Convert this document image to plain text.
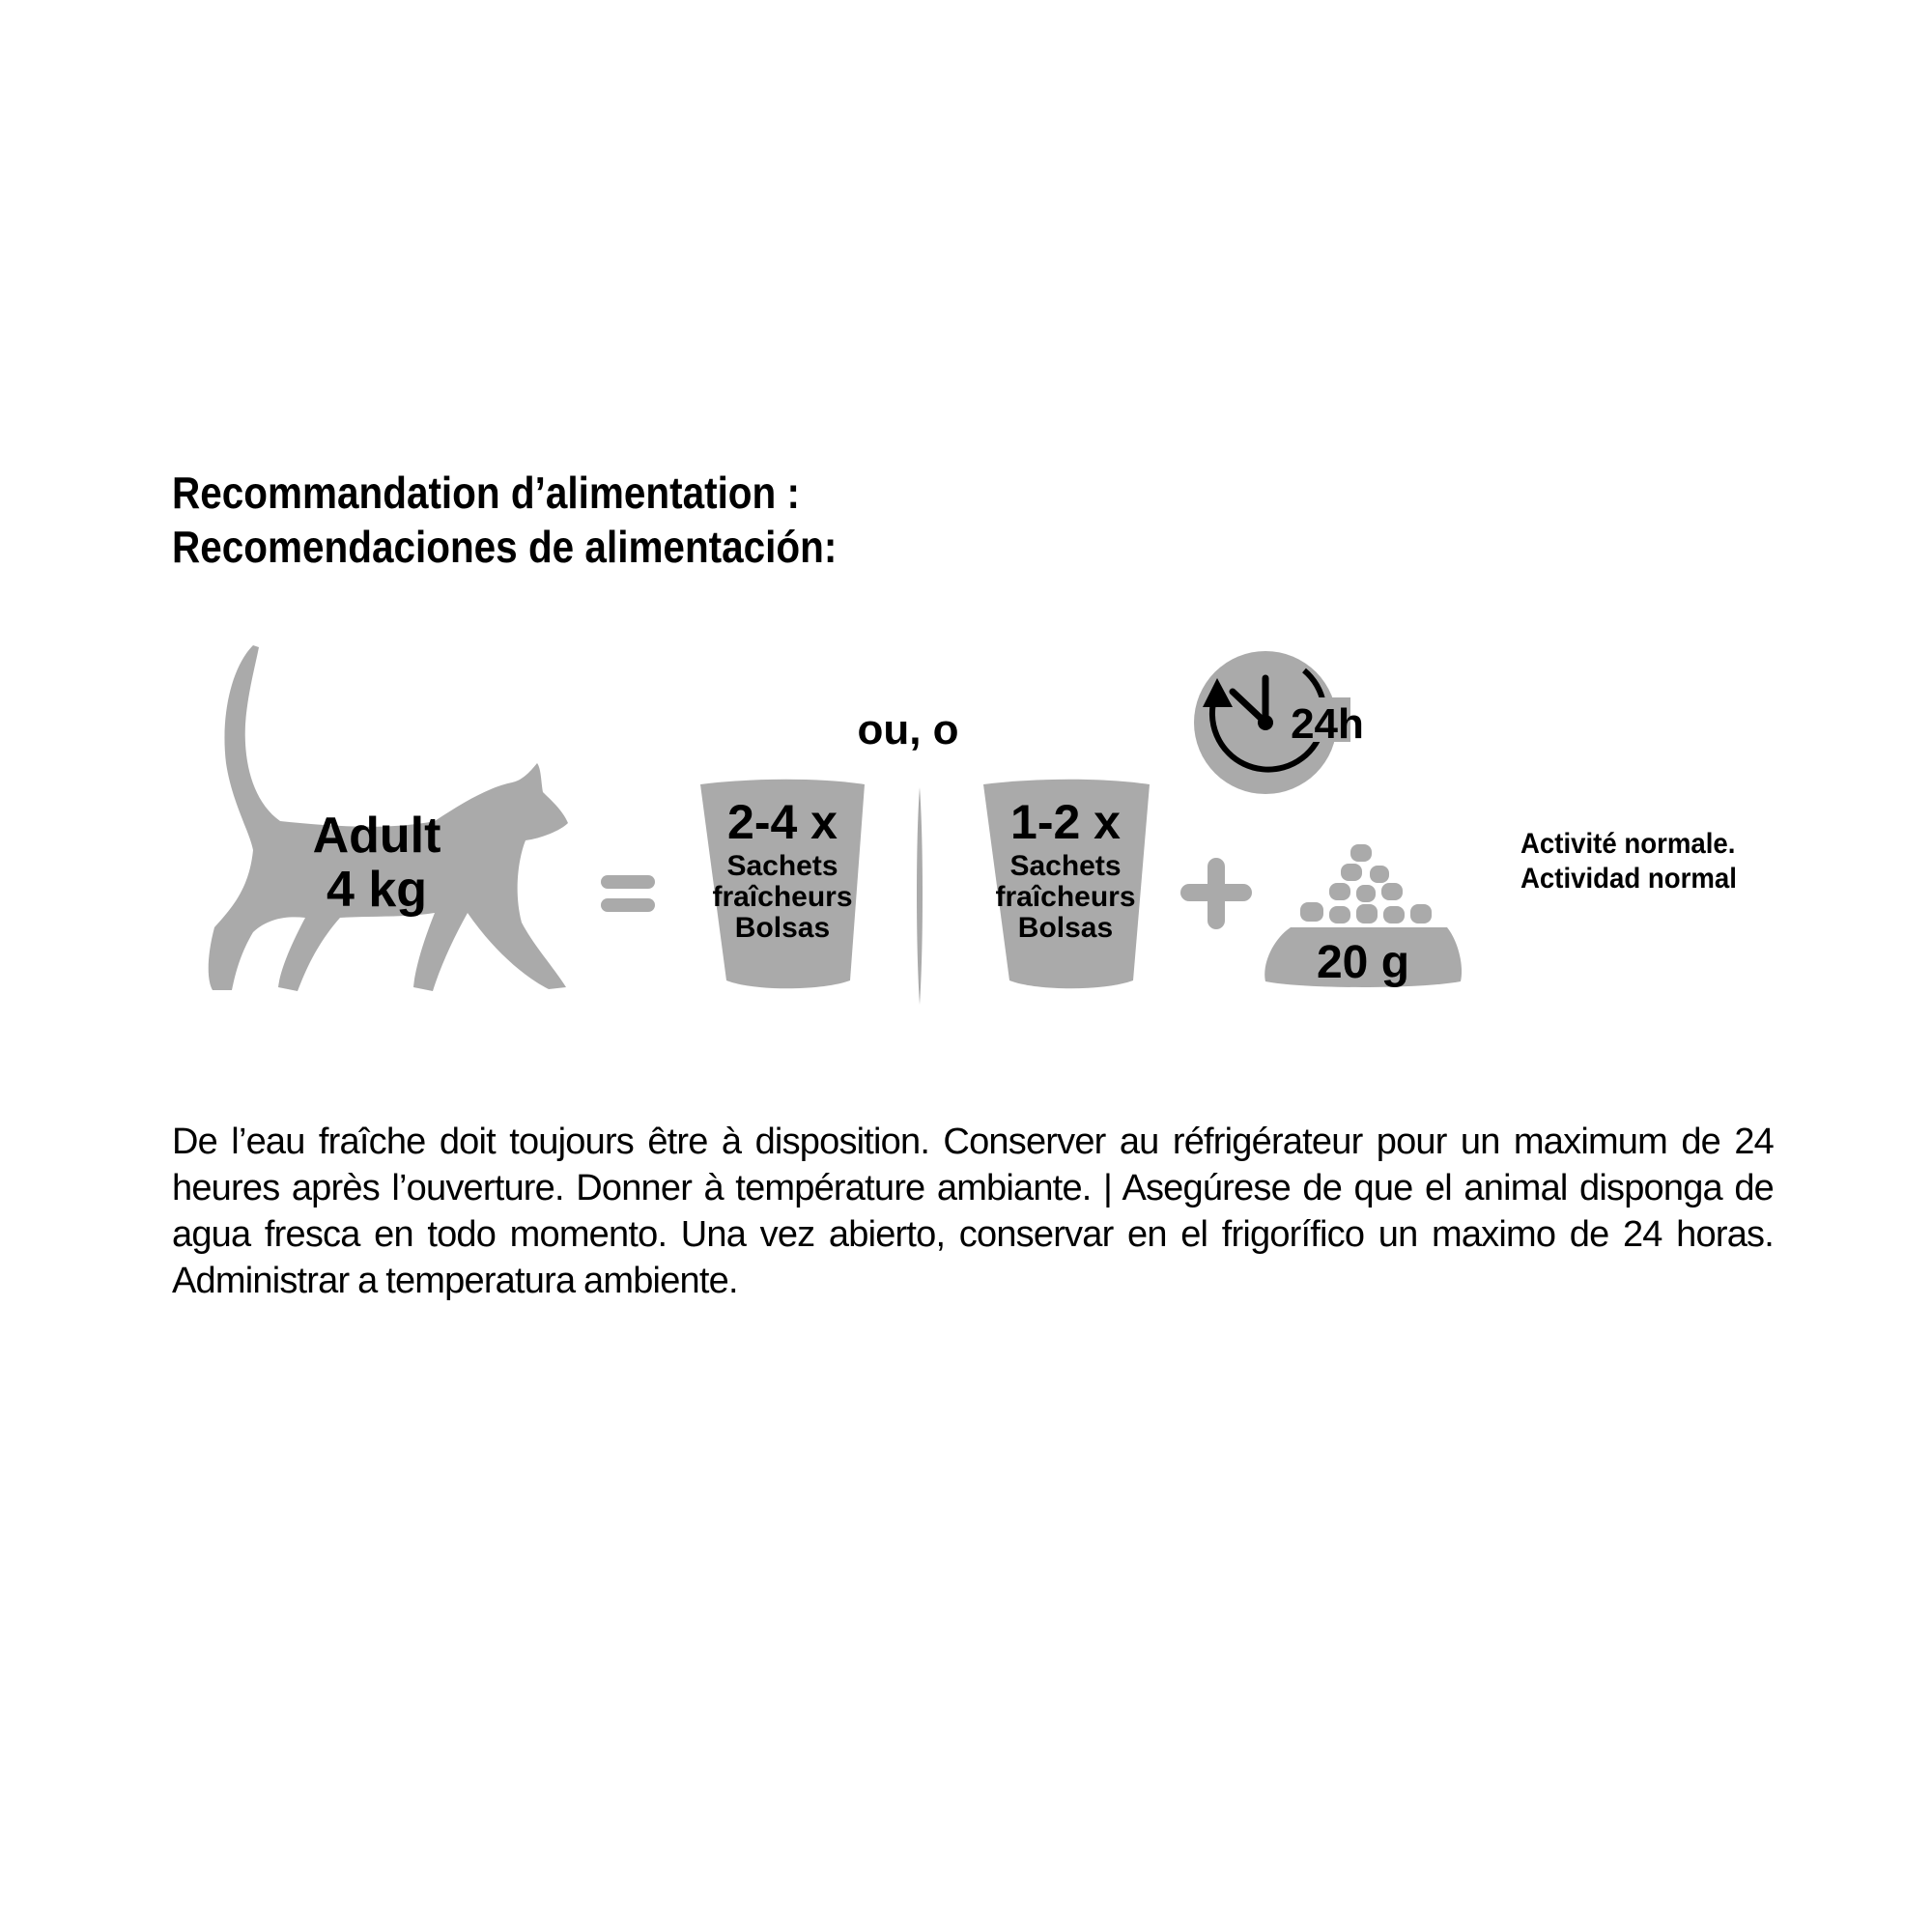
Recommandation d’alimentation :
Recomendaciones de alimentación:
Adult
4 kg
ou, o
2-4 x
Sachets
fraîcheurs
Bolsas
1-2 x
Sachets
fraîcheurs
Bolsas
24h
20 g
Activité normale.
Actividad normal
De l’eau fraîche doit toujours être à disposition. Conserver au réfrigérateur pour un maximum de 24 heures après l’ouverture. Donner à température ambiante. | Asegúrese de que el animal disponga de agua fresca en todo momento. Una vez abierto, conservar en el frigorífico un maximo de 24 horas. Administrar a temperatura ambiente.
